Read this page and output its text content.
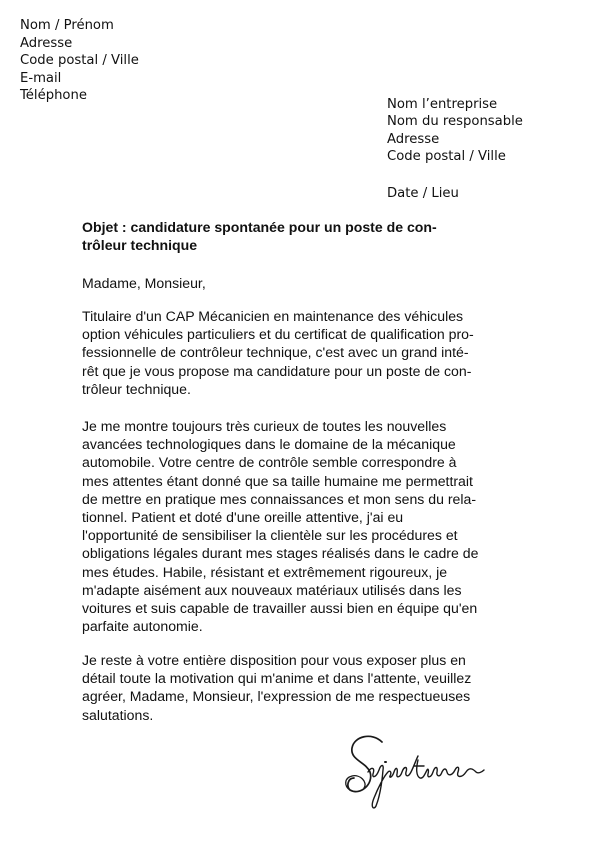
Nom / Prénom
Adresse
Code postal / Ville
E-mail
Téléphone
Nom l’entreprise
Nom du responsable
Adresse
Code postal / Ville
Date / Lieu

Objet : candidature spontanée pour un poste de con-
trôleur technique

Madame, Monsieur,

Titulaire d'un CAP Mécanicien en maintenance des véhicules
option véhicules particuliers et du certificat de qualification pro-
fessionnelle de contrôleur technique, c'est avec un grand inté-
rêt que je vous propose ma candidature pour un poste de con-
trôleur technique.
Je me montre toujours très curieux de toutes les nouvelles
avancées technologiques dans le domaine de la mécanique
automobile. Votre centre de contrôle semble correspondre à
mes attentes étant donné que sa taille humaine me permettrait
de mettre en pratique mes connaissances et mon sens du rela-
tionnel. Patient et doté d'une oreille attentive, j'ai eu
l'opportunité de sensibiliser la clientèle sur les procédures et
obligations légales durant mes stages réalisés dans le cadre de
mes études. Habile, résistant et extrêmement rigoureux, je
m'adapte aisément aux nouveaux matériaux utilisés dans les
voitures et suis capable de travailler aussi bien en équipe qu'en
parfaite autonomie.
Je reste à votre entière disposition pour vous exposer plus en
détail toute la motivation qui m'anime et dans l'attente, veuillez
agréer, Madame, Monsieur, l'expression de me respectueuses
salutations.
